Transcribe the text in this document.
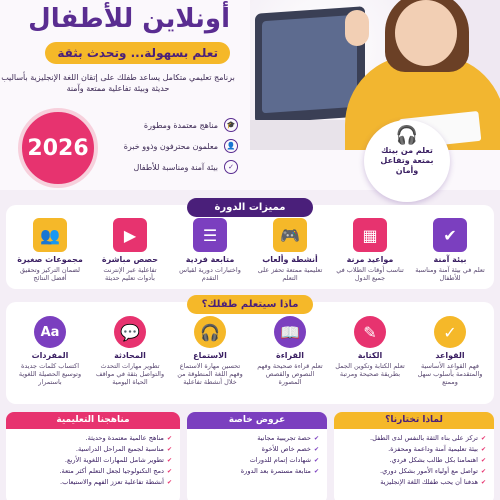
أونلاين للأطفال
تعلم بسهولة... وتحدث بثقة
برنامج تعليمي متكامل يساعد طفلك على إتقان اللغة الإنجليزية بأساليب حديثة وبيئة تفاعلية ممتعة وآمنة
🎓
مناهج معتمدة ومطورة
👤
معلمون محترفون وذوو خبرة
✓
بيئة آمنة ومناسبة للأطفال
2026	🎧
تعلم من بيتك بمتعة وتفاعل وأمان
مميزات الدورة
✔
بيئة آمنة
تعلم في بيئة آمنة ومناسبة للأطفال
▦
مواعيد مرنة
تناسب أوقات الطلاب في جميع الدول
🎮
أنشطة وألعاب
تعليمية ممتعة تحفز على التعلم
☰
متابعة فردية
واختبارات دورية لقياس التقدم
▶
حصص مباشرة
تفاعلية عبر الإنترنت بأدوات تعليم حديثة
👥
مجموعات صغيرة
لضمان التركيز وتحقيق أفضل النتائج
ماذا سيتعلم طفلك؟
✓
القواعد
فهم القواعد الأساسية والمتقدمة بأسلوب سهل وممتع
✎
الكتابة
تعلم الكتابة وتكوين الجمل بطريقة صحيحة ومرتبة
📖
القراءة
تعلم قراءة صحيحة وفهم النصوص والقصص المصورة
🎧
الاستماع
تحسين مهارة الاستماع وفهم اللغة المنطوقة من خلال أنشطة تفاعلية
💬
المحادثة
تطوير مهارات التحدث والتواصل بثقة في مواقف الحياة اليومية
Aa
المفردات
اكتساب كلمات جديدة وتوسيع الحصيلة اللغوية باستمرار
لماذا تختارنا؟
✔تركز على بناء الثقة بالنفس لدى الطفل.
✔بيئة تعليمية آمنة وداعمة ومحفزة.
✔اهتمامنا بكل طالب بشكل فردي.
✔تواصل مع أولياء الأمور بشكل دوري.
✔هدفنا أن يحب طفلك اللغة الإنجليزية
عروض خاصة
✔حصة تجريبية مجانية
✔خصم خاص للأخوة
✔شهادات إتمام للدورات
✔متابعة مستمرة بعد الدورة
مناهجنا التعليمية
✔مناهج عالمية معتمدة وحديثة.
✔مناسبة لجميع المراحل الدراسية.
✔تطوير شامل للمهارات اللغوية الأربع.
✔دمج التكنولوجيا لجعل التعلم أكثر متعة.
✔أنشطة تفاعلية تعزز الفهم والاستيعاب.
